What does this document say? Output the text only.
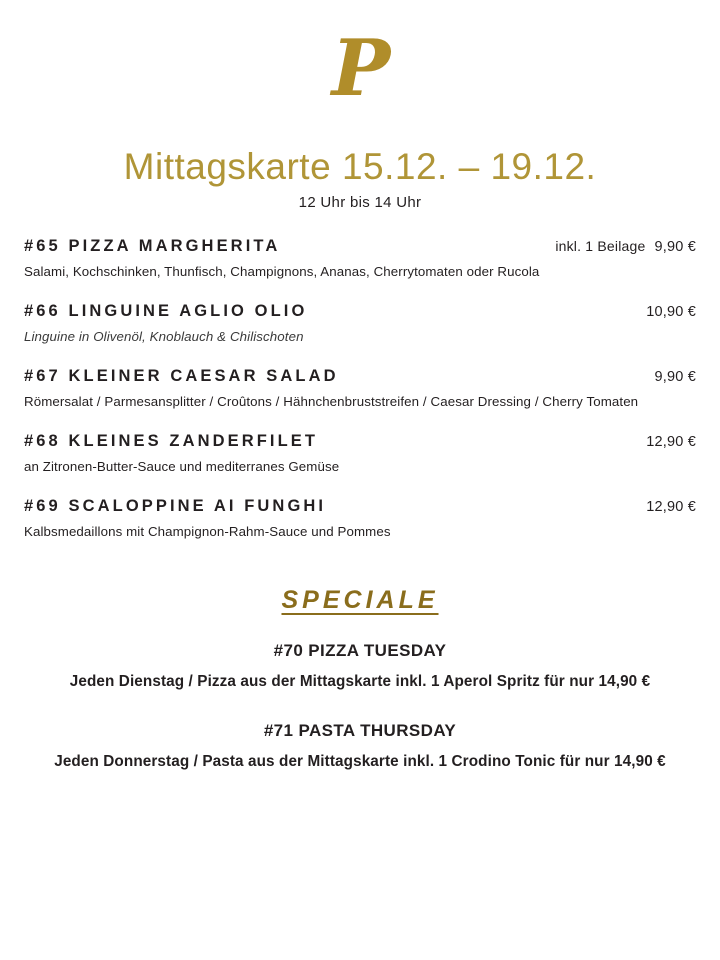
P
Mittagskarte 15.12. – 19.12.
12 Uhr bis 14 Uhr
#65 PIZZA MARGHERITA	inkl. 1 Beilage 9,90 €
Salami, Kochschinken, Thunfisch, Champignons, Ananas, Cherrytomaten oder Rucola
#66 LINGUINE AGLIO OLIO	10,90 €
Linguine in Olivenöl, Knoblauch & Chilischoten
#67 KLEINER CAESAR SALAD	9,90 €
Römersalat / Parmesansplitter / Croûtons / Hähnchenbruststreifen / Caesar Dressing / Cherry Tomaten
#68 KLEINES ZANDERFILET	12,90 €
an Zitronen-Butter-Sauce und mediterranes Gemüse
#69 SCALOPPINE AI FUNGHI	12,90 €
Kalbsmedaillons mit Champignon-Rahm-Sauce und Pommes
SPECIALE
#70 PIZZA TUESDAY
Jeden Dienstag / Pizza aus der Mittagskarte inkl. 1 Aperol Spritz für nur 14,90 €
#71 PASTA THURSDAY
Jeden Donnerstag / Pasta aus der Mittagskarte inkl. 1 Crodino Tonic für nur 14,90 €
